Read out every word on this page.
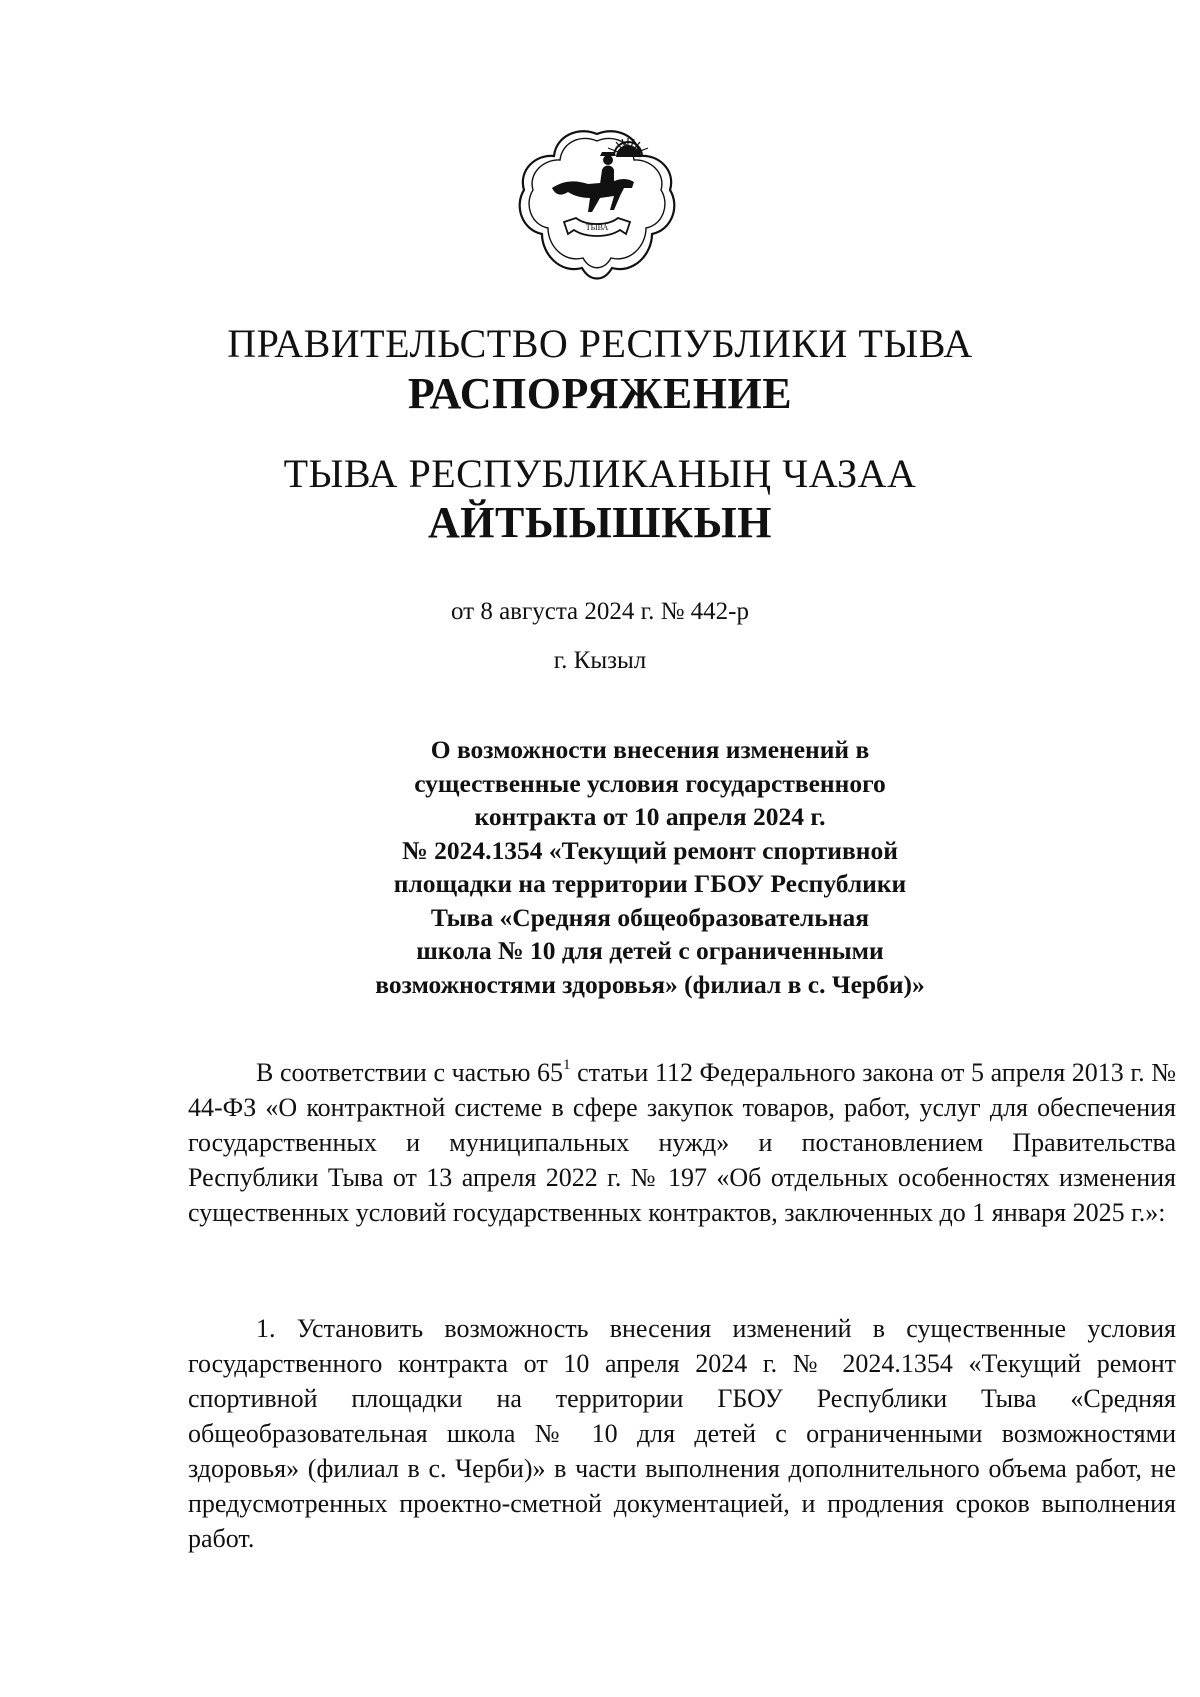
ТЫВА
ПРАВИТЕЛЬСТВО РЕСПУБЛИКИ ТЫВА
РАСПОРЯЖЕНИЕ
ТЫВА РЕСПУБЛИКАНЫҢ ЧАЗАА
АЙТЫЫШКЫН
от 8 августа 2024 г. № 442-р
г. Кызыл
О возможности внесения изменений в
существенные условия государственного
контракта от 10 апреля 2024 г.
№ 2024.1354 «Текущий ремонт спортивной
площадки на территории ГБОУ Республики
Тыва «Средняя общеобразовательная
школа № 10 для детей с ограниченными
возможностями здоровья» (филиал в с. Черби)»
В соответствии с частью $65^1$ статьи 112 Федерального закона от 5 апреля 2013 г. № 44-ФЗ «О контрактной системе в сфере закупок товаров, работ, услуг для обеспечения государственных и муниципальных нужд» и постановлением Правительства Республики Тыва от 13 апреля 2022 г. № 197 «Об отдельных особенностях изменения существенных условий государственных контрактов, заключенных до 1 января 2025 г.»:
1. Установить возможность внесения изменений в существенные условия государственного контракта от 10 апреля 2024 г. № 2024.1354 «Текущий ремонт спортивной площадки на территории ГБОУ Республики Тыва «Средняя общеобразовательная школа № 10 для детей с ограниченными возможностями здоровья» (филиал в с. Черби)» в части выполнения дополнительного объема работ, не предусмотренных проектно-сметной документацией, и продления сроков выполнения работ.
